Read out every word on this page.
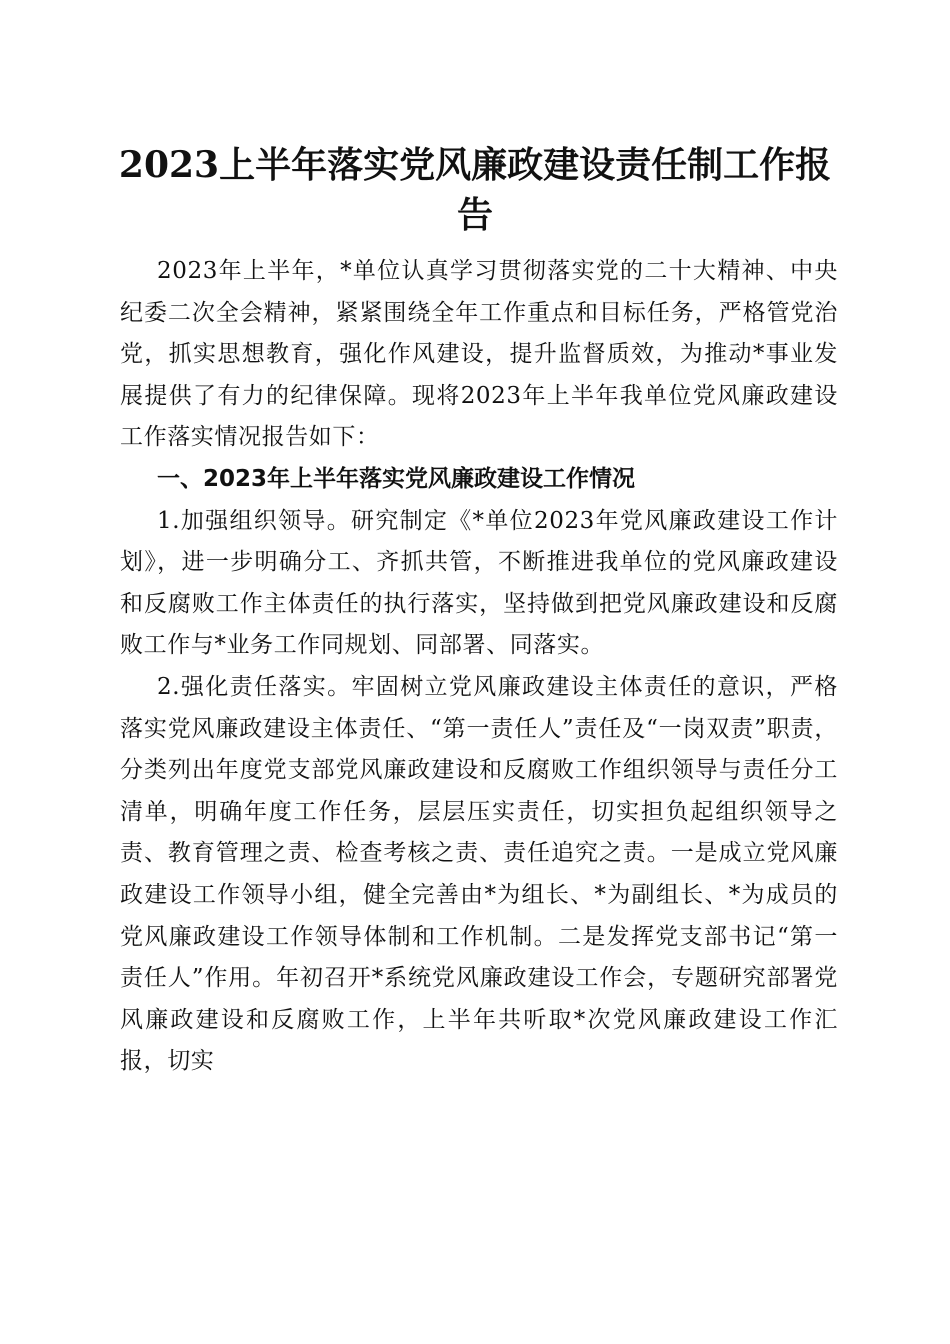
2023上半年落实党风廉政建设责任制工作报告

2023年上半年，*单位认真学习贯彻落实党的二十大精神、中央纪委二次全会精神，紧紧围绕全年工作重点和目标任务，严格管党治党，抓实思想教育，强化作风建设，提升监督质效，为推动*事业发展提供了有力的纪律保障。现将2023年上半年我单位党风廉政建设工作落实情况报告如下：

一、2023年上半年落实党风廉政建设工作情况

1.加强组织领导。研究制定《*单位2023年党风廉政建设工作计划》，进一步明确分工、齐抓共管，不断推进我单位的党风廉政建设和反腐败工作主体责任的执行落实，坚持做到把党风廉政建设和反腐败工作与*业务工作同规划、同部署、同落实。

2.强化责任落实。牢固树立党风廉政建设主体责任的意识，严格落实党风廉政建设主体责任、“第一责任人”责任及“一岗双责”职责，分类列出年度党支部党风廉政建设和反腐败工作组织领导与责任分工清单，明确年度工作任务，层层压实责任，切实担负起组织领导之责、教育管理之责、检查考核之责、责任追究之责。一是成立党风廉政建设工作领导小组，健全完善由*为组长、*为副组长、*为成员的党风廉政建设工作领导体制和工作机制。二是发挥党支部书记“第一责任人”作用。年初召开*系统党风廉政建设工作会，专题研究部署党风廉政建设和反腐败工作，上半年共听取*次党风廉政建设工作汇报，切实
